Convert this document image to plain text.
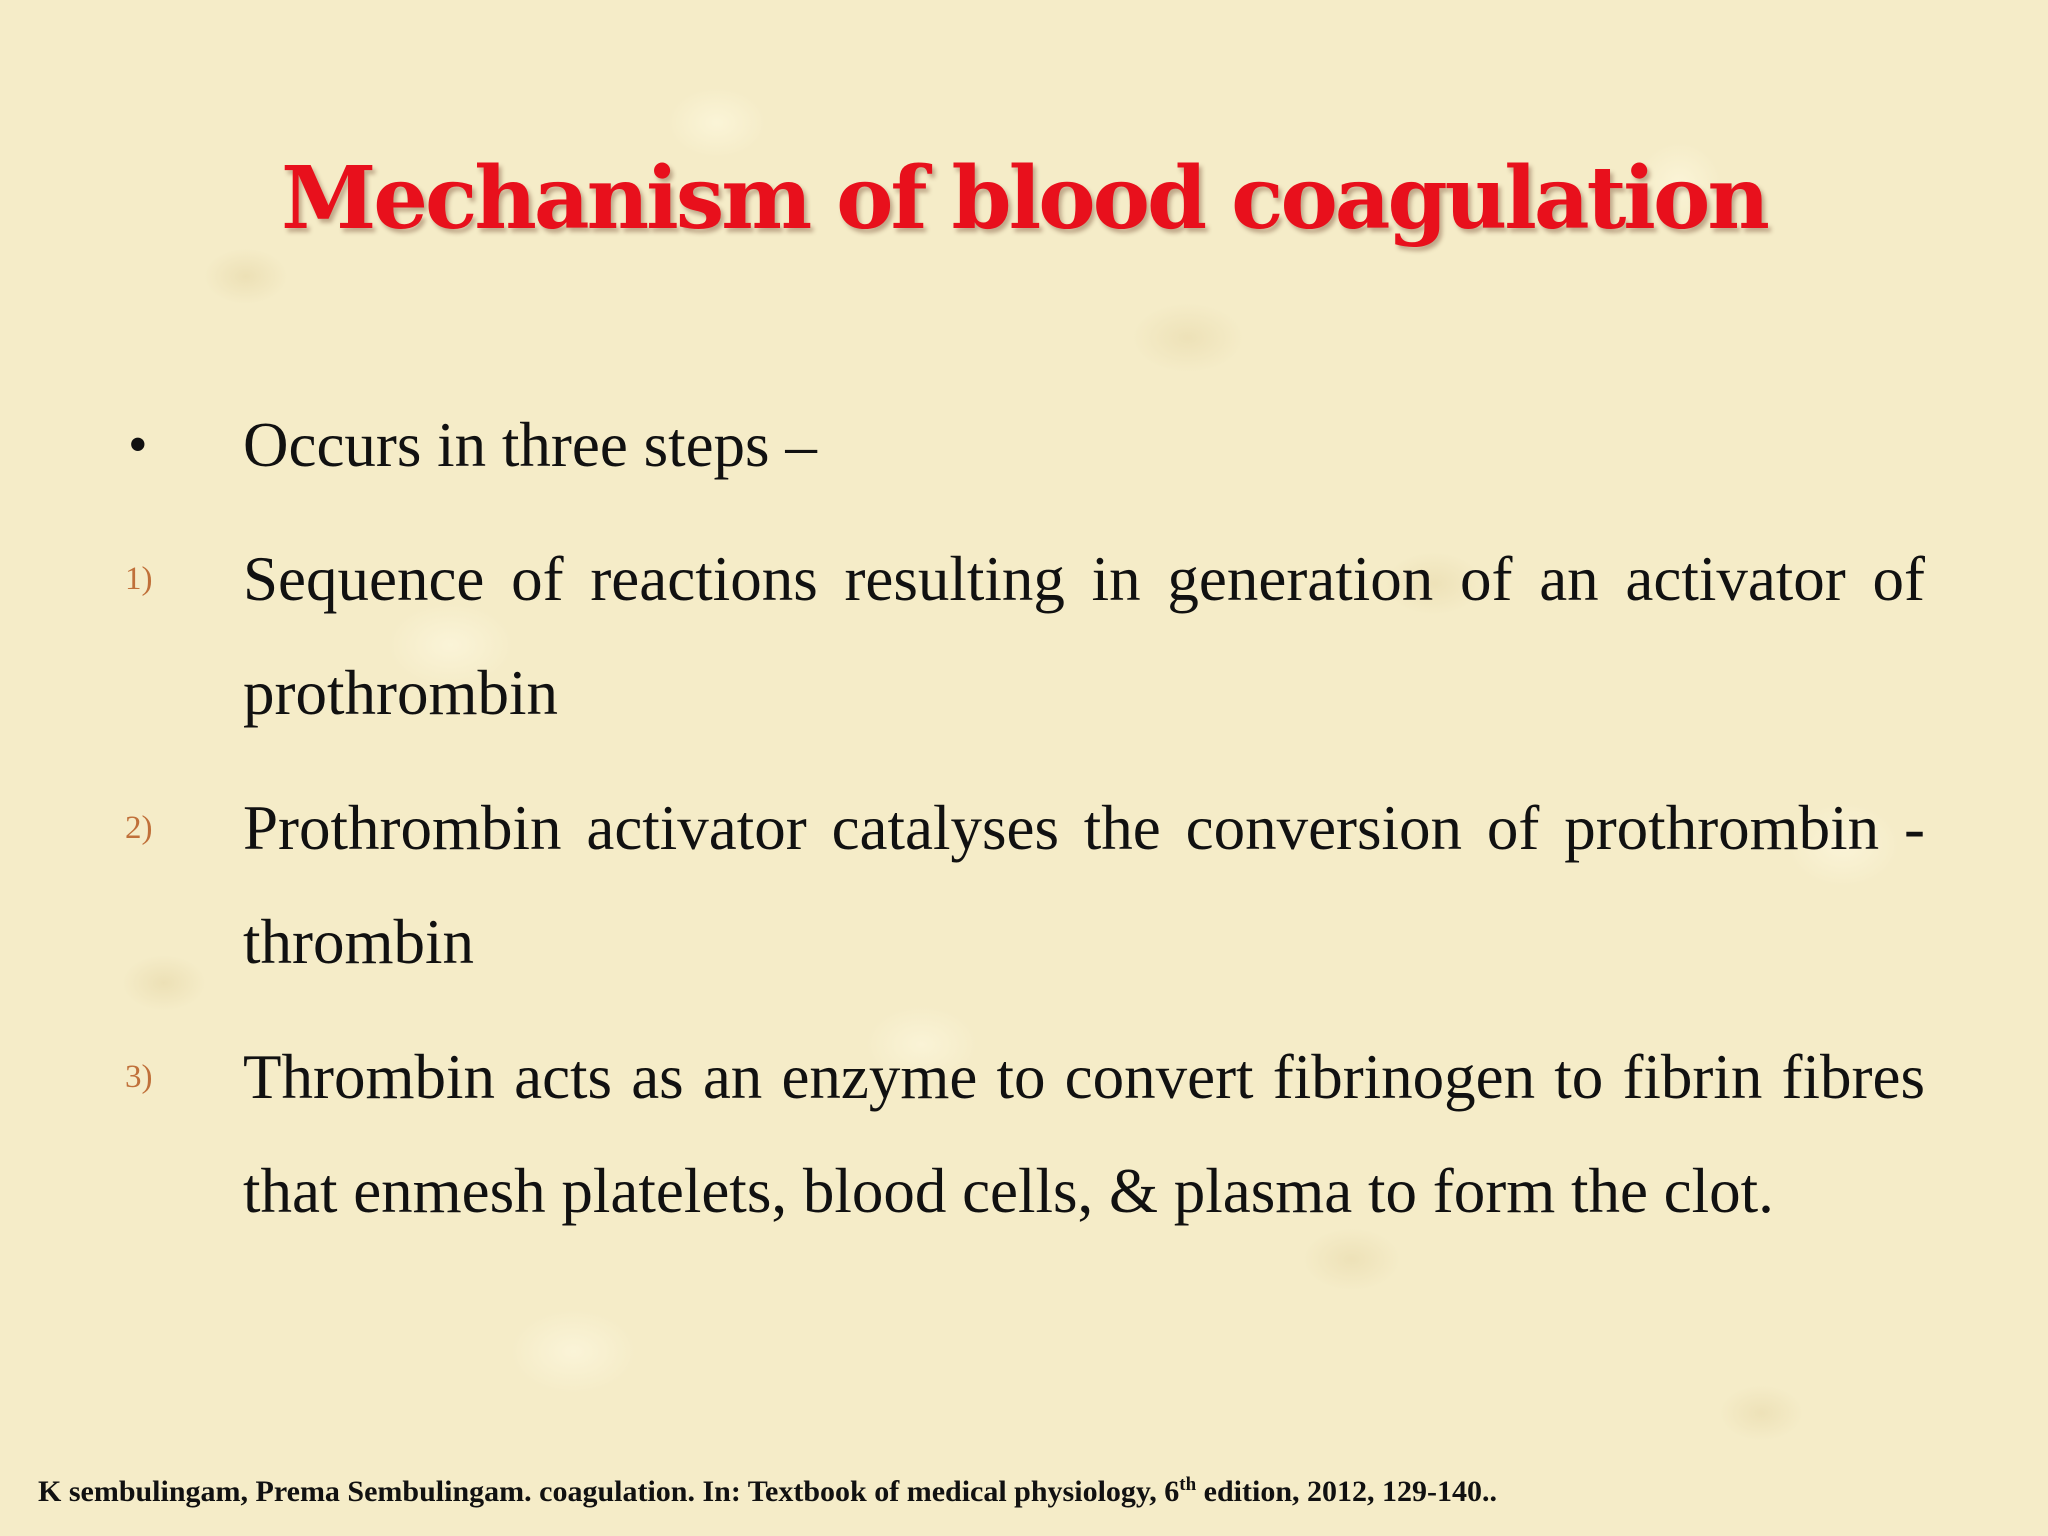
Mechanism of blood coagulation
• Occurs in three steps –
1) Sequence of reactions resulting in generation of an activator of prothrombin
2) Prothrombin activator catalyses the conversion of prothrombin - thrombin
3) Thrombin acts as an enzyme to convert fibrinogen to fibrin fibres that enmesh platelets, blood cells, & plasma to form the clot.
K sembulingam, Prema Sembulingam. coagulation. In: Textbook of medical physiology, 6th edition, 2012, 129-140..
